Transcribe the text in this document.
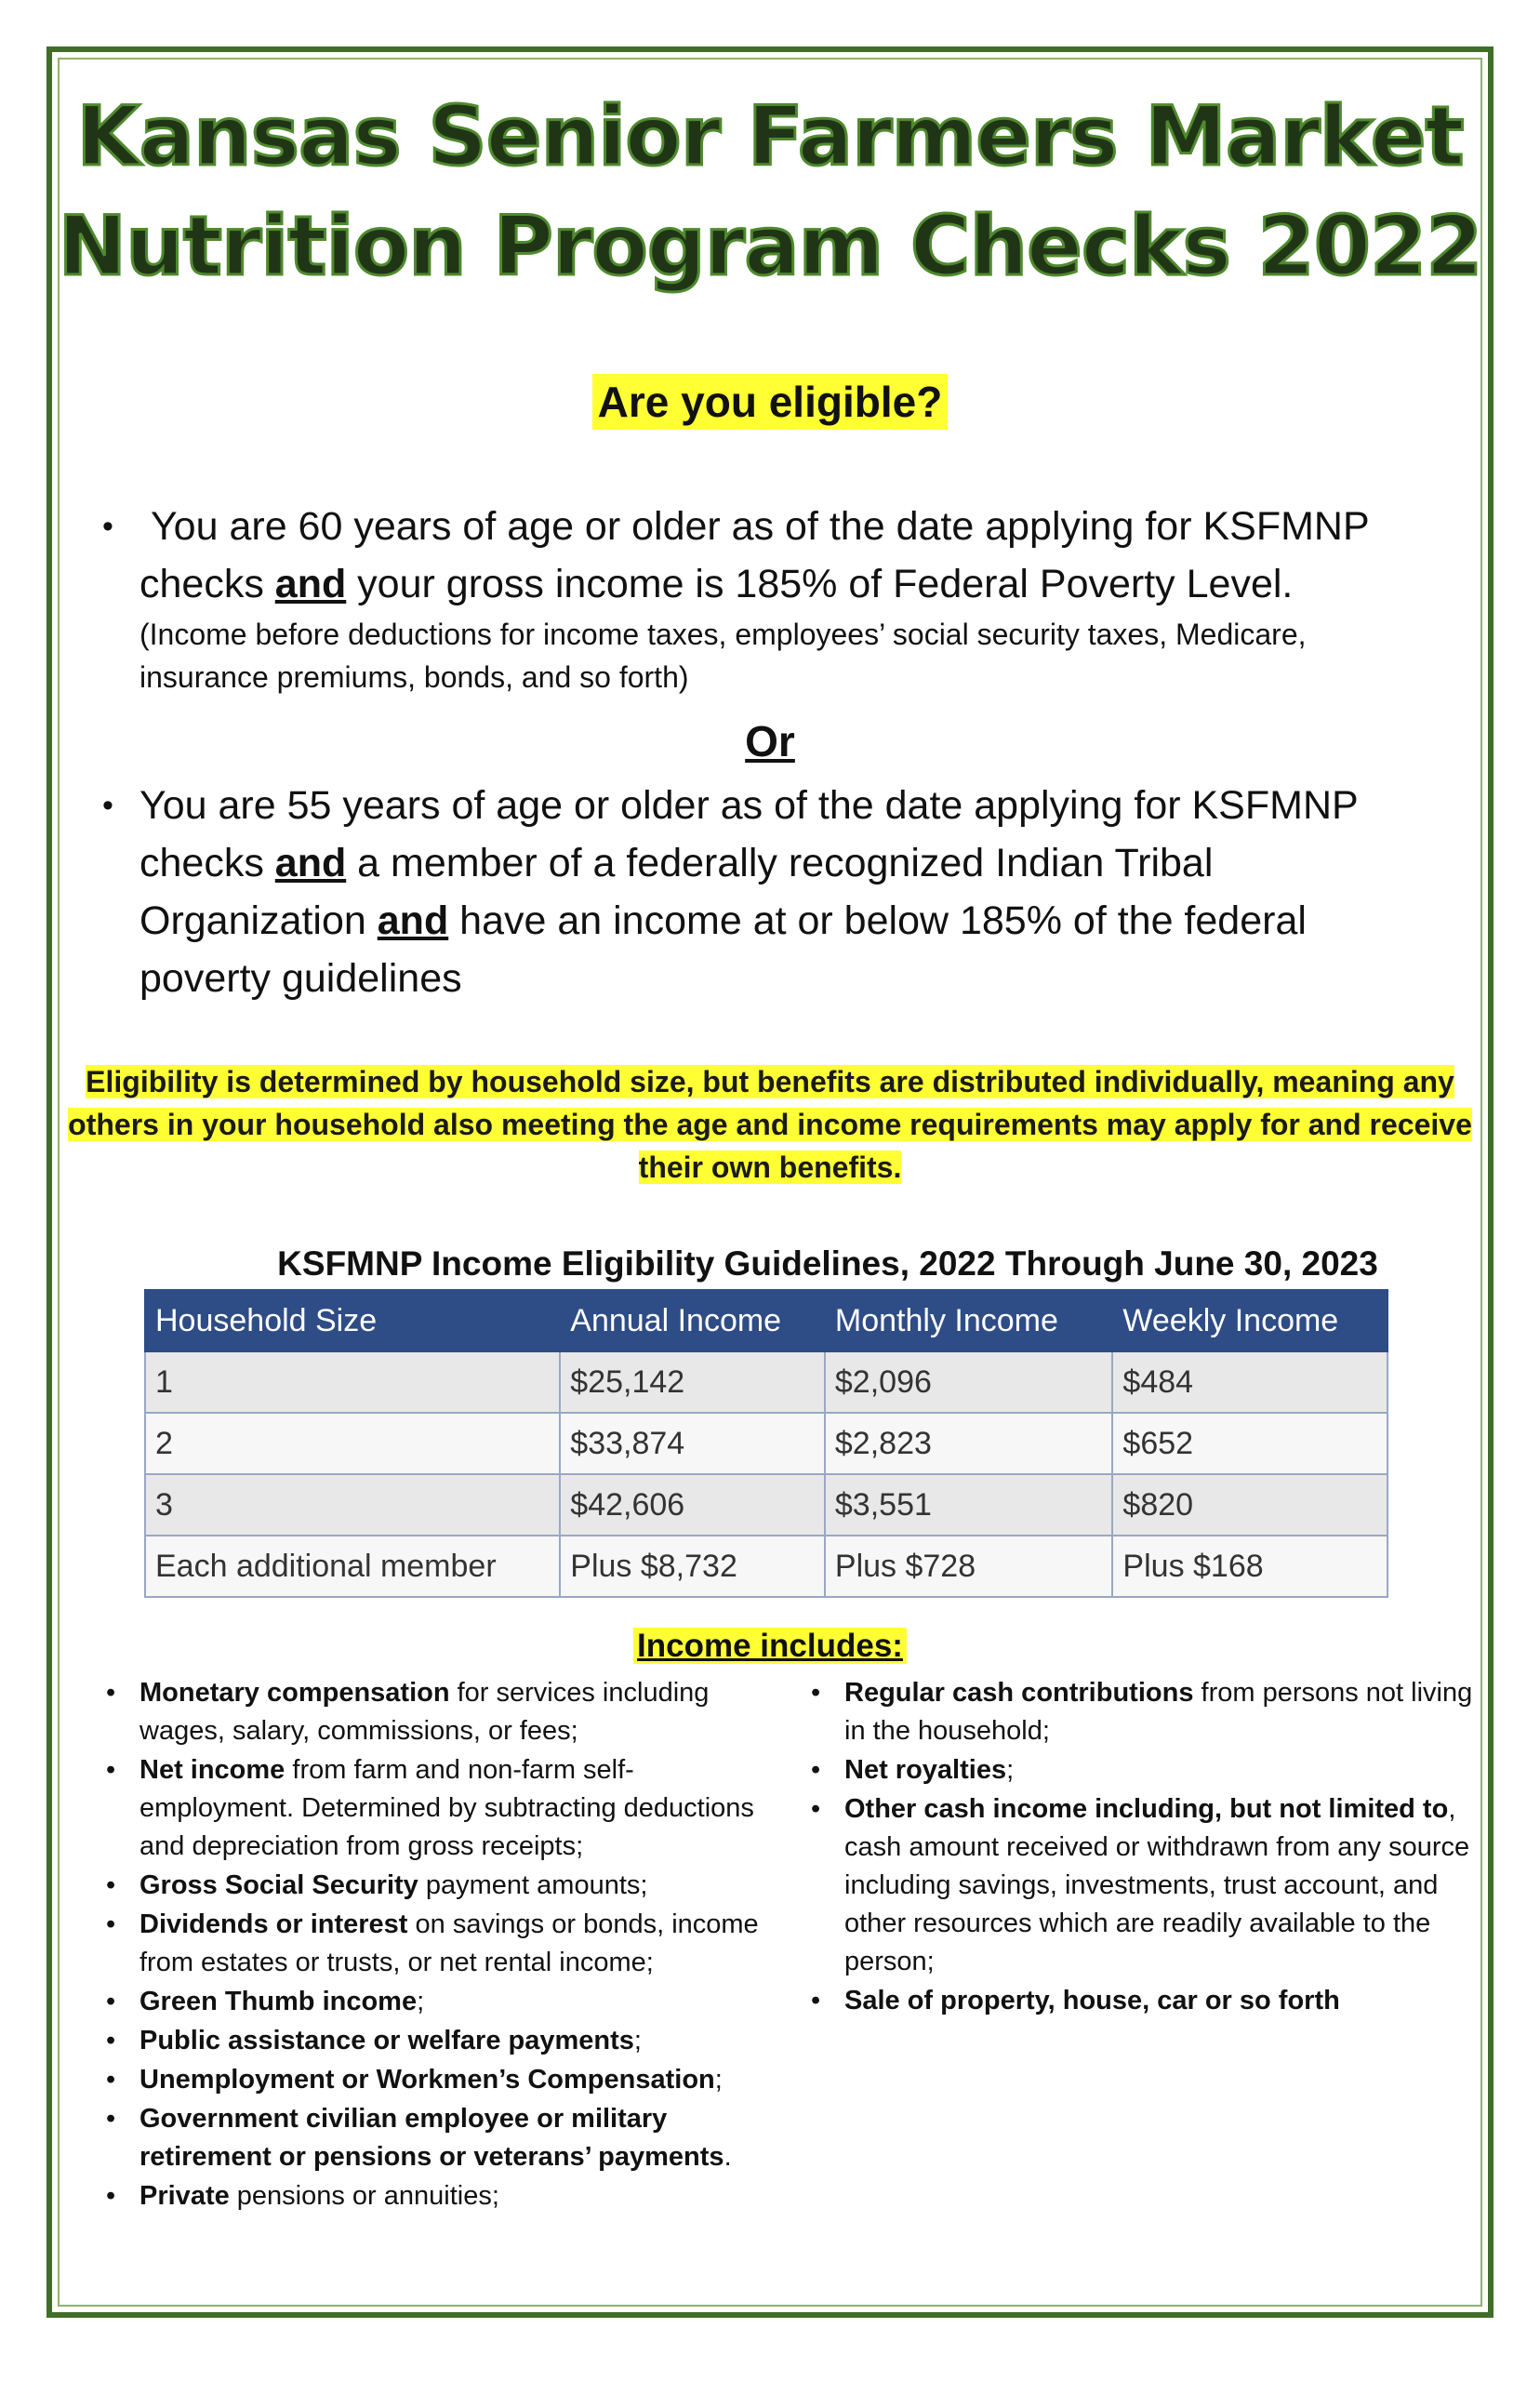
Kansas Senior Farmers Market
Nutrition Program Checks 2022
Are you eligible?
• You are 60 years of age or older as of the date applying for KSFMNP checks and your gross income is 185% of Federal Poverty Level.
(Income before deductions for income taxes, employees’ social security taxes, Medicare, insurance premiums, bonds, and so forth)
Or
• You are 55 years of age or older as of the date applying for KSFMNP checks and a member of a federally recognized Indian Tribal Organization and have an income at or below 185% of the federal poverty guidelines
Eligibility is determined by household size, but benefits are distributed individually, meaning any others in your household also meeting the age and income requirements may apply for and receive their own benefits.
KSFMNP Income Eligibility Guidelines, 2022 Through June 30, 2023
Household Size	Annual Income	Monthly Income	Weekly Income
1	$25,142	$2,096	$484
2	$33,874	$2,823	$652
3	$42,606	$3,551	$820
Each additional member	Plus $8,732	Plus $728	Plus $168
Income includes:
• Monetary compensation for services including wages, salary, commissions, or fees;
• Net income from farm and non-farm self-employment. Determined by subtracting deductions and depreciation from gross receipts;
• Gross Social Security payment amounts;
• Dividends or interest on savings or bonds, income from estates or trusts, or net rental income;
• Green Thumb income;
• Public assistance or welfare payments;
• Unemployment or Workmen’s Compensation;
• Government civilian employee or military retirement or pensions or veterans’ payments.
• Private pensions or annuities;
• Regular cash contributions from persons not living in the household;
• Net royalties;
• Other cash income including, but not limited to, cash amount received or withdrawn from any source including savings, investments, trust account, and other resources which are readily available to the person;
• Sale of property, house, car or so forth
